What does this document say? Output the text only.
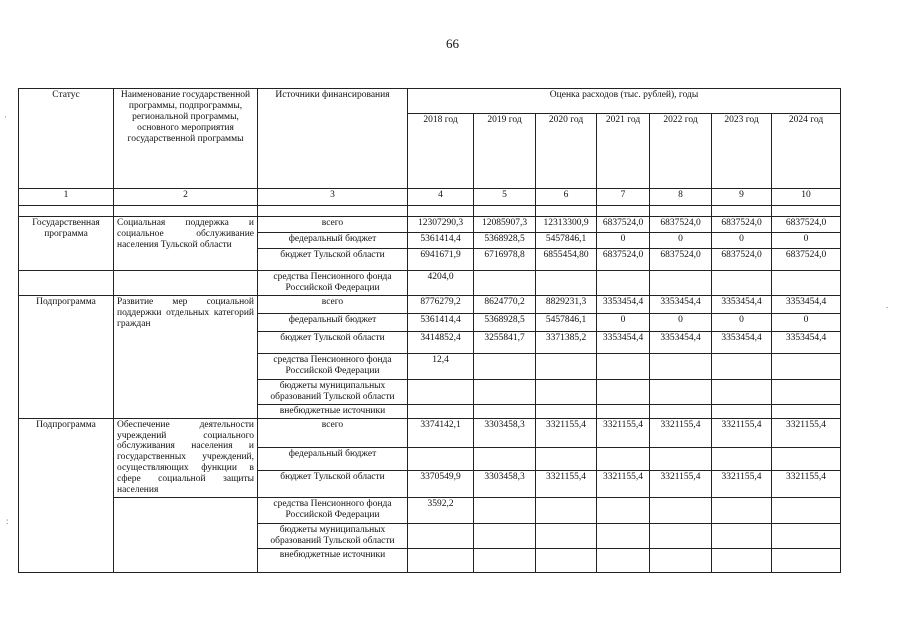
66
Статус	Наименование государственной программы, подпрограммы, региональной программы, основного мероприятия государственной программы	Источники финансирования	Оценка расходов (тыс. рублей), годы						
			2018 год	2019 год	2020 год	2021 год	2022 год	2023 год	2024 год
1	2	3	4	5	6	7	8	9	10

Государственная программа	Социальная поддержка и социальное обслуживание населения Тульской области	всего	12307290,3	12085907,3	12313300,9	6837524,0	6837524,0	6837524,0	6837524,0
		федеральный бюджет	5361414,4	5368928,5	5457846,1	0	0	0	0
		бюджет Тульской области	6941671,9	6716978,8	6855454,80	6837524,0	6837524,0	6837524,0	6837524,0
		средства Пенсионного фонда Российской Федерации	4204,0						
Подпрограмма	Развитие мер социальной поддержки отдельных категорий граждан	всего	8776279,2	8624770,2	8829231,3	3353454,4	3353454,4	3353454,4	3353454,4
		федеральный бюджет	5361414,4	5368928,5	5457846,1	0	0	0	0
		бюджет Тульской области	3414852,4	3255841,7	3371385,2	3353454,4	3353454,4	3353454,4	3353454,4
		средства Пенсионного фонда Российской Федерации	12,4						
		бюджеты муниципальных образований Тульской области							
		внебюджетные источники							
Подпрограмма	Обеспечение деятельности учреждений социального обслуживания населения и государственных учреждений, осуществляющих функции в сфере социальной защиты населения	всего	3374142,1	3303458,3	3321155,4	3321155,4	3321155,4	3321155,4	3321155,4
		федеральный бюджет							
		бюджет Тульской области	3370549,9	3303458,3	3321155,4	3321155,4	3321155,4	3321155,4	3321155,4
		средства Пенсионного фонда Российской Федерации	3592,2						
		бюджеты муниципальных образований Тульской области							
		внебюджетные источники							
·
:
.
